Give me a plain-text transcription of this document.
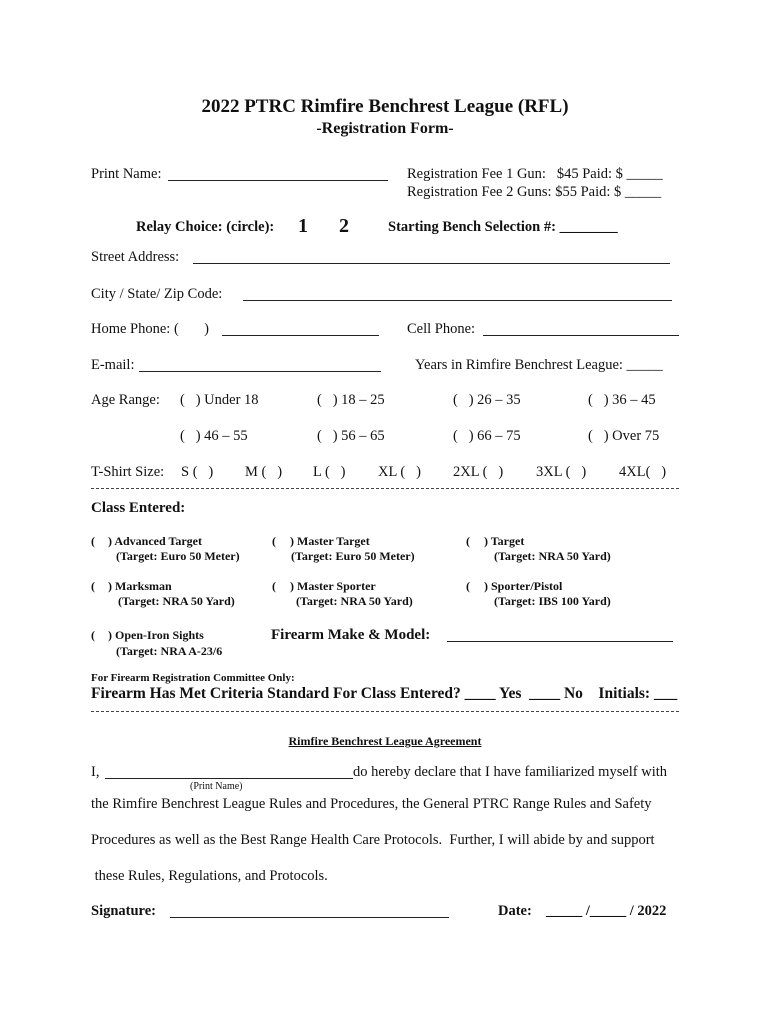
2022 PTRC Rimfire Benchrest League (RFL)
-Registration Form-
Print Name:	Registration Fee 1 Gun:   $45 Paid: $ _____
Registration Fee 2 Guns: $55 Paid: $ _____
Relay Choice: (circle): 1 2	Starting Bench Selection #: ________
Street Address:
City / State/ Zip Code:
Home Phone: (       )	Cell Phone:
E-mail:	Years in Rimfire Benchrest League: _____
Age Range: (   ) Under 18	(   ) 18 – 25	(   ) 26 – 35	(   ) 36 – 45
(   ) 46 – 55	(   ) 56 – 65	(   ) 66 – 75	(   ) Over 75
T-Shirt Size: S (   ) M (   ) L (   ) XL (   ) 2XL (   ) 3XL (   ) 4XL(   )
Class Entered:
( ) Advanced Target
(Target: Euro 50 Meter)
( ) Master Target
(Target: Euro 50 Meter)
( ) Target
(Target: NRA 50 Yard)
( ) Marksman
(Target: NRA 50 Yard)
( ) Master Sporter
(Target: NRA 50 Yard)
( ) Sporter/Pistol
(Target: IBS 100 Yard)
( ) Open-Iron Sights
(Target: NRA A-23/6
Firearm Make & Model:
For Firearm Registration Committee Only:
Firearm Has Met Criteria Standard For Class Entered? ____ Yes  ____ No    Initials: ___
Rimfire Benchrest League Agreement
I,	do hereby declare that I have familiarized myself with
(Print Name)
the Rimfire Benchrest League Rules and Procedures, the General PTRC Range Rules and Safety
Procedures as well as the Best Range Health Care Protocols.  Further, I will abide by and support
these Rules, Regulations, and Protocols.
Signature:	Date: _____ /_____ / 2022
